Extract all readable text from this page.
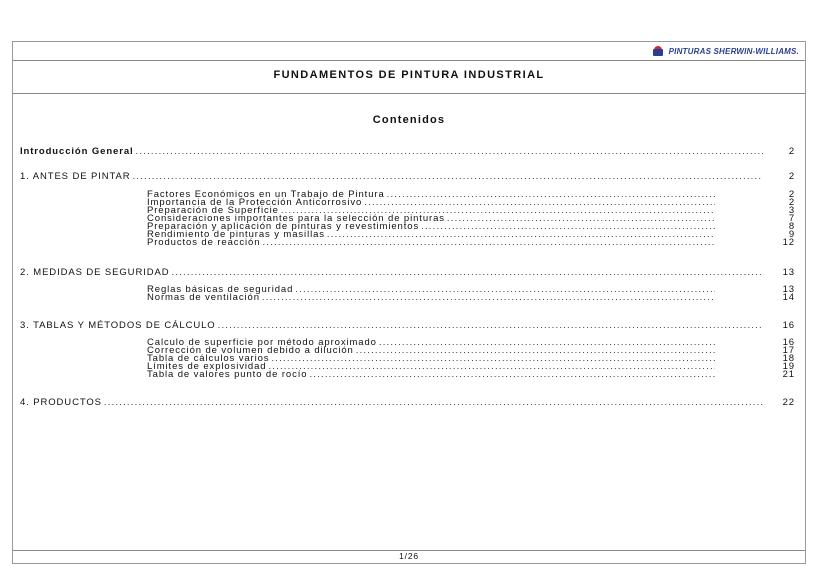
PINTURAS SHERWIN-WILLIAMS.
FUNDAMENTOS DE PINTURA INDUSTRIAL
Contenidos
Introducción General .....	2
1. ANTES DE PINTAR .....	2
Factores Económicos en un Trabajo de Pintura .....	2
Importancia de la Protección Anticorrosivo .....	2
Preparación de Superficie .....	3
Consideraciones importantes para la selección de pinturas .....	7
Preparación y aplicación de pinturas y revestimientos .....	8
Rendimiento de pinturas y masillas .....	9
Productos de reacción .....	12
2. MEDIDAS DE SEGURIDAD .....	13
Reglas básicas de seguridad .....	13
Normas de ventilación .....	14
3. TABLAS Y MÉTODOS DE CÁLCULO .....	16
Calculo de superficie por método aproximado .....	16
Corrección de volumen debido a dilución .....	17
Tabla de cálculos varios .....	18
Límites de explosividad .....	19
Tabla de valores punto de rocío .....	21
4. PRODUCTOS .....	22
1/26
